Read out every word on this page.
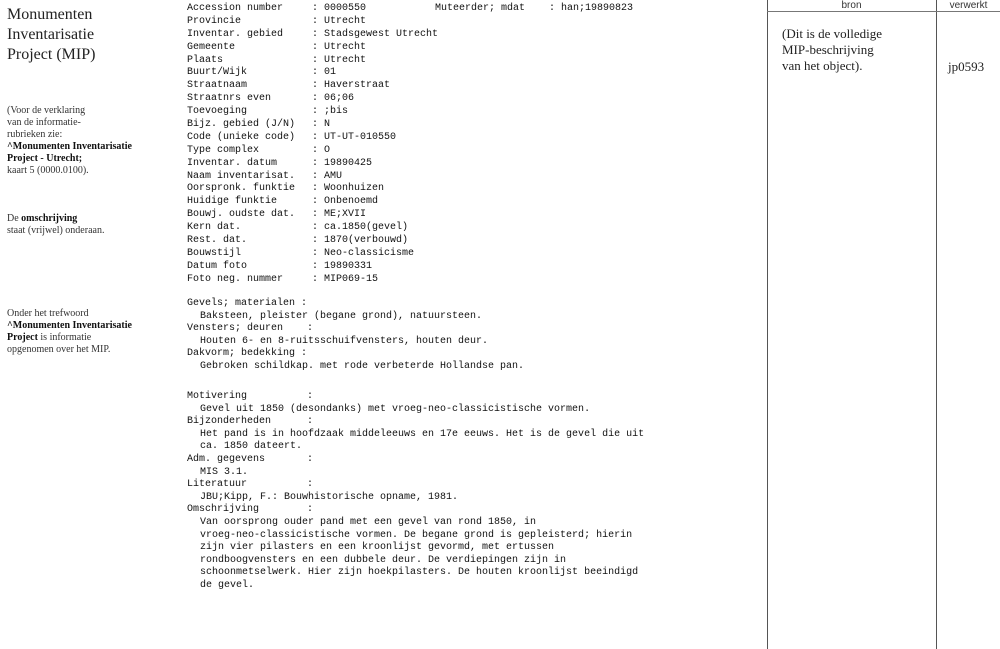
Monumenten
Inventarisatie
Project (MIP)
(Voor de verklaring
van de informatie-
rubrieken zie:
^Monumenten Inventarisatie
Project - Utrecht;
kaart 5 (0000.0100).
De omschrijving
staat (vrijwel) onderaan.
Onder het trefwoord
^Monumenten Inventarisatie
Project is informatie
opgenomen over het MIP.
Accession number	: 0000550
Provincie	: Utrecht
Inventar. gebied	: Stadsgewest Utrecht
Gemeente	: Utrecht
Plaats	: Utrecht
Buurt/Wijk	: 01
Straatnaam	: Haverstraat
Straatnrs even	: 06;06
Toevoeging	: ;bis
Bijz. gebied (J/N) : N
Code (unieke code) : UT-UT-010550
Type complex	: O
Inventar. datum	: 19890425
Naam inventarisat. : AMU
Oorspronk. funktie : Woonhuizen
Huidige funktie	: Onbenoemd
Bouwj. oudste dat. : ME;XVII
Kern dat.	: ca.1850(gevel)
Rest. dat.	: 1870(verbouwd)
Bouwstijl	: Neo-classicisme
Datum foto	: 19890331
Foto neg. nummer	: MIP069-15
Muteerder; mdat    : han;19890823
Gevels; materialen :
Baksteen, pleister (begane grond), natuursteen.
Vensters; deuren    :
Houten 6- en 8-ruitsschuifvensters, houten deur.
Dakvorm; bedekking :
Gebroken schildkap. met rode verbeterde Hollandse pan.
Motivering          :
Gevel uit 1850 (desondanks) met vroeg-neo-classicistische vormen.
Bijzonderheden      :
Het pand is in hoofdzaak middeleeuws en 17e eeuws. Het is de gevel die uit
ca. 1850 dateert.
Adm. gegevens       :
MIS 3.1.
Literatuur          :
JBU;Kipp, F.: Bouwhistorische opname, 1981.
Omschrijving        :
Van oorsprong ouder pand met een gevel van rond 1850, in
vroeg-neo-classicistische vormen. De begane grond is gepleisterd; hierin
zijn vier pilasters en een kroonlijst gevormd, met ertussen
rondboogvensters en een dubbele deur. De verdiepingen zijn in
schoonmetselwerk. Hier zijn hoekpilasters. De houten kroonlijst beeindigd
de gevel.
bron	verwerkt
(Dit is de volledige
MIP-beschrijving
van het object).	jp0593
